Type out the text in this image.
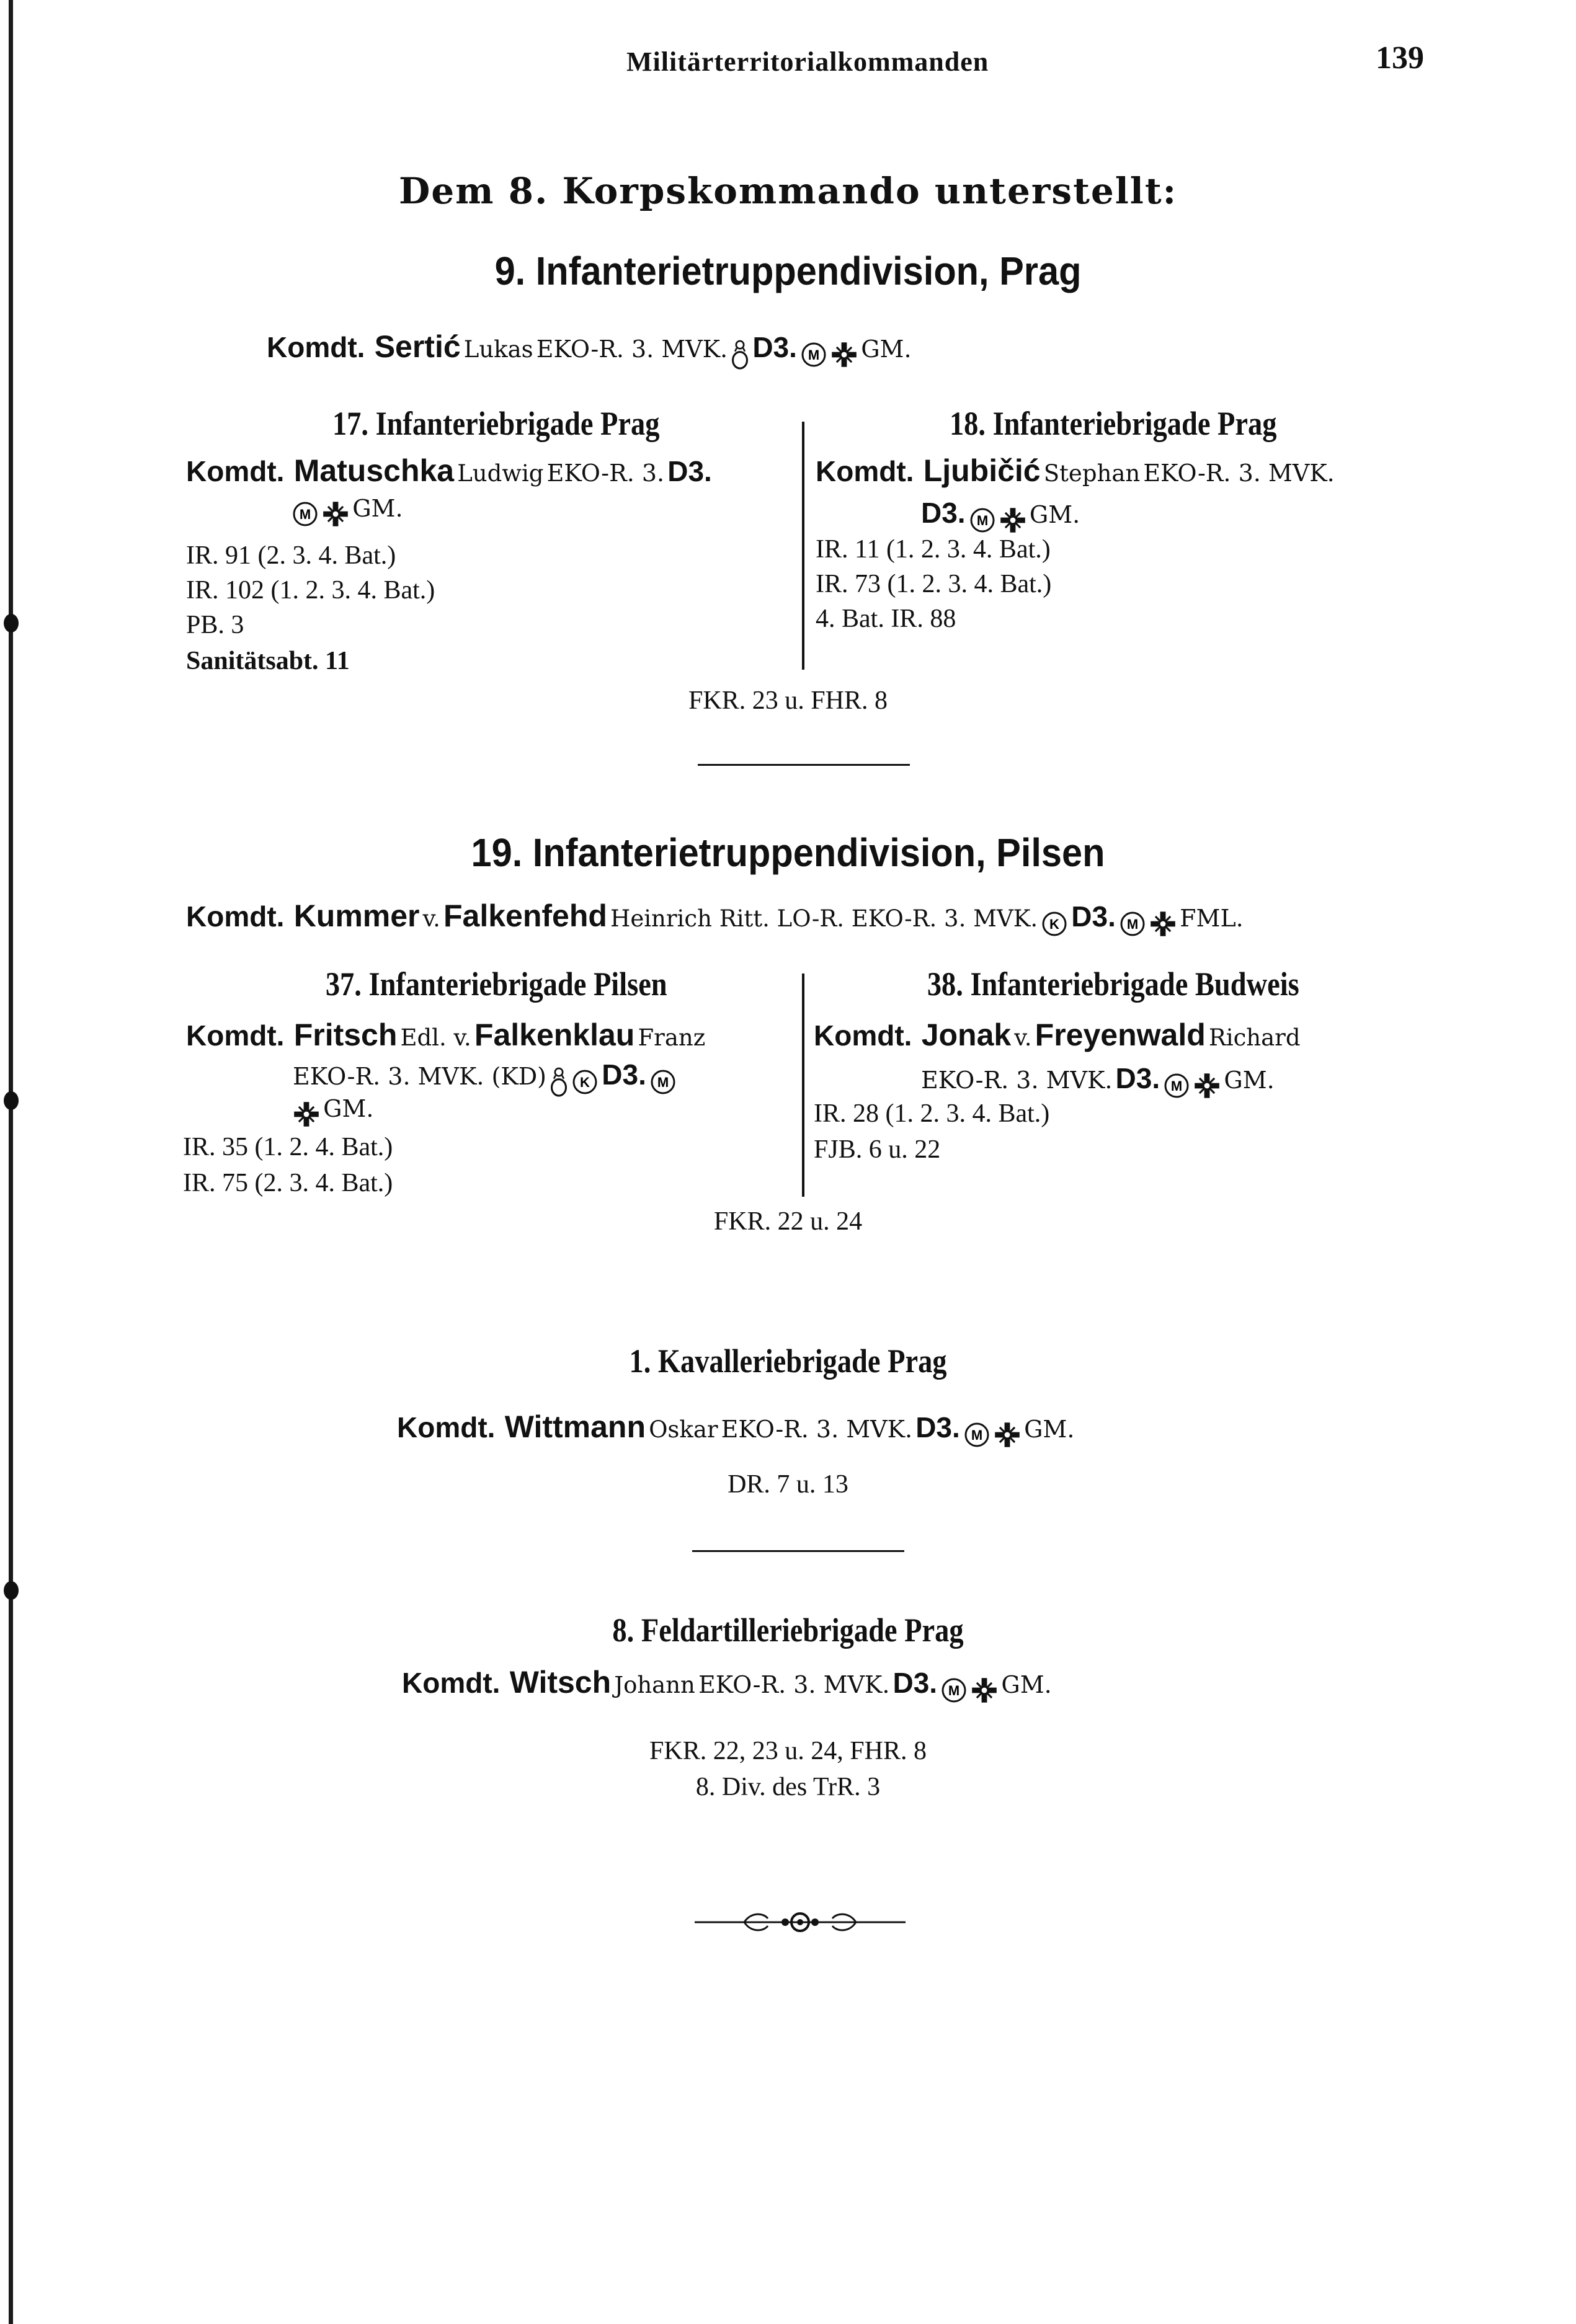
Militärterritorialkommanden	139
Dem 8. Korpskommando unterstellt:
9. Infanterietruppendivision, Prag
Komdt. Sertić Lukas EKO-R. 3. MVK. D3. M GM.
17. Infanteriebrigade Prag
Komdt. Matuschka Ludwig EKO-R. 3. D3.
M GM.
IR. 91 (2. 3. 4. Bat.)
IR. 102 (1. 2. 3. 4. Bat.)
PB. 3
Sanitätsabt. 11
18. Infanteriebrigade Prag
Komdt. Ljubičić Stephan EKO-R. 3. MVK.
D3. M GM.
IR. 11 (1. 2. 3. 4. Bat.)
IR. 73 (1. 2. 3. 4. Bat.)
4. Bat. IR. 88
FKR. 23 u. FHR. 8
19. Infanterietruppendivision, Pilsen
Komdt. Kummer v. Falkenfehd Heinrich Ritt. LO-R. EKO-R. 3. MVK. K D3. M FML.
37. Infanteriebrigade Pilsen
Komdt. Fritsch Edl. v. Falkenklau Franz
EKO-R. 3. MVK. (KD) K D3. M
GM.
IR. 35 (1. 2. 4. Bat.)
IR. 75 (2. 3. 4. Bat.)
38. Infanteriebrigade Budweis
Komdt. Jonak v. Freyenwald Richard
EKO-R. 3. MVK. D3. M GM.
IR. 28 (1. 2. 3. 4. Bat.)
FJB. 6 u. 22
FKR. 22 u. 24
1. Kavalleriebrigade Prag
Komdt. Wittmann Oskar EKO-R. 3. MVK. D3. M GM.
DR. 7 u. 13
8. Feldartilleriebrigade Prag
Komdt. Witsch Johann EKO-R. 3. MVK. D3. M GM.
FKR. 22, 23 u. 24, FHR. 8
8. Div. des TrR. 3
